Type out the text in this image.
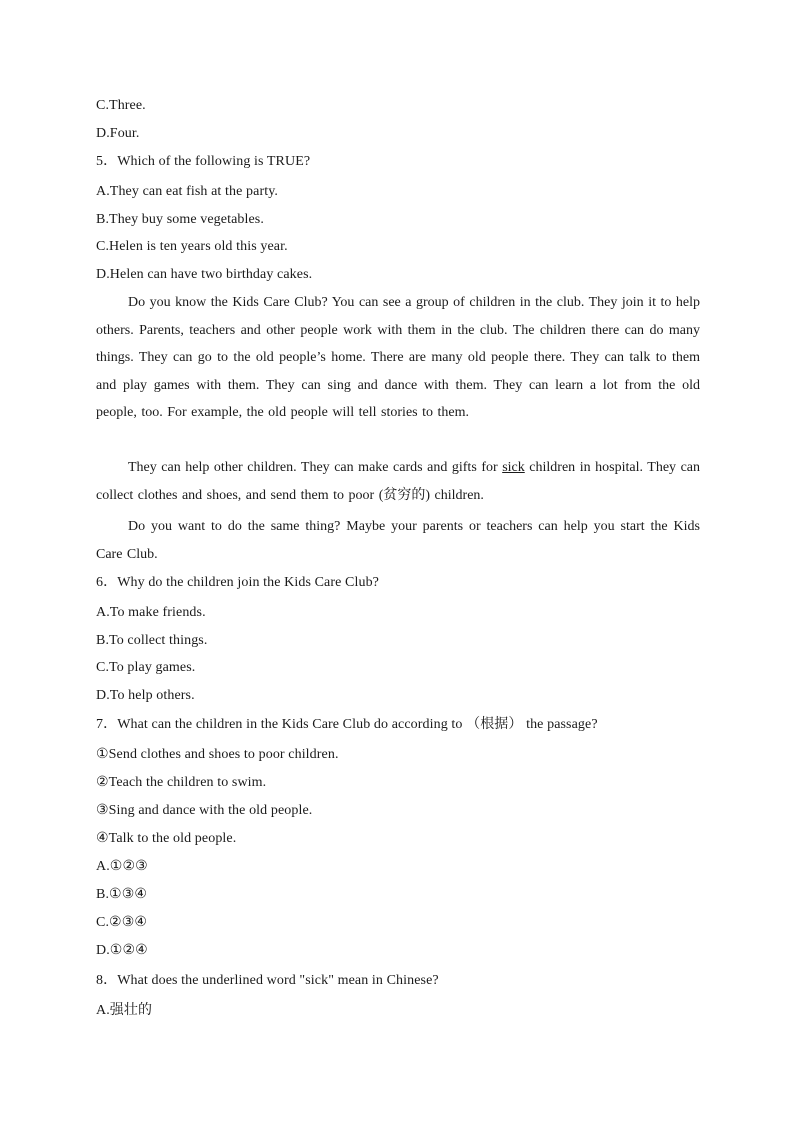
C.Three.
D.Four.
5．Which of the following is TRUE?
A.They can eat fish at the party.
B.They buy some vegetables.
C.Helen is ten years old this year.
D.Helen can have two birthday cakes.
Do you know the Kids Care Club? You can see a group of children in the club. They join it to help others. Parents, teachers and other people work with them in the club. The children there can do many things. They can go to the old people’s home. There are many old people there. They can talk to them and play games with them. They can sing and dance with them. They can learn a lot from the old people, too. For example, the old people will tell stories to them.
They can help other children. They can make cards and gifts for sick children in hospital. They can collect clothes and shoes, and send them to poor (贫穷的) children.
Do you want to do the same thing? Maybe your parents or teachers can help you start the Kids Care Club.
6．Why do the children join the Kids Care Club?
A.To make friends.
B.To collect things.
C.To play games.
D.To help others.
7．What can the children in the Kids Care Club do according to （根据） the passage?
①Send clothes and shoes to poor children.
②Teach the children to swim.
③Sing and dance with the old people.
④Talk to the old people.
A.①②③
B.①③④
C.②③④
D.①②④
8．What does the underlined word "sick" mean in Chinese?
A.强壮的
